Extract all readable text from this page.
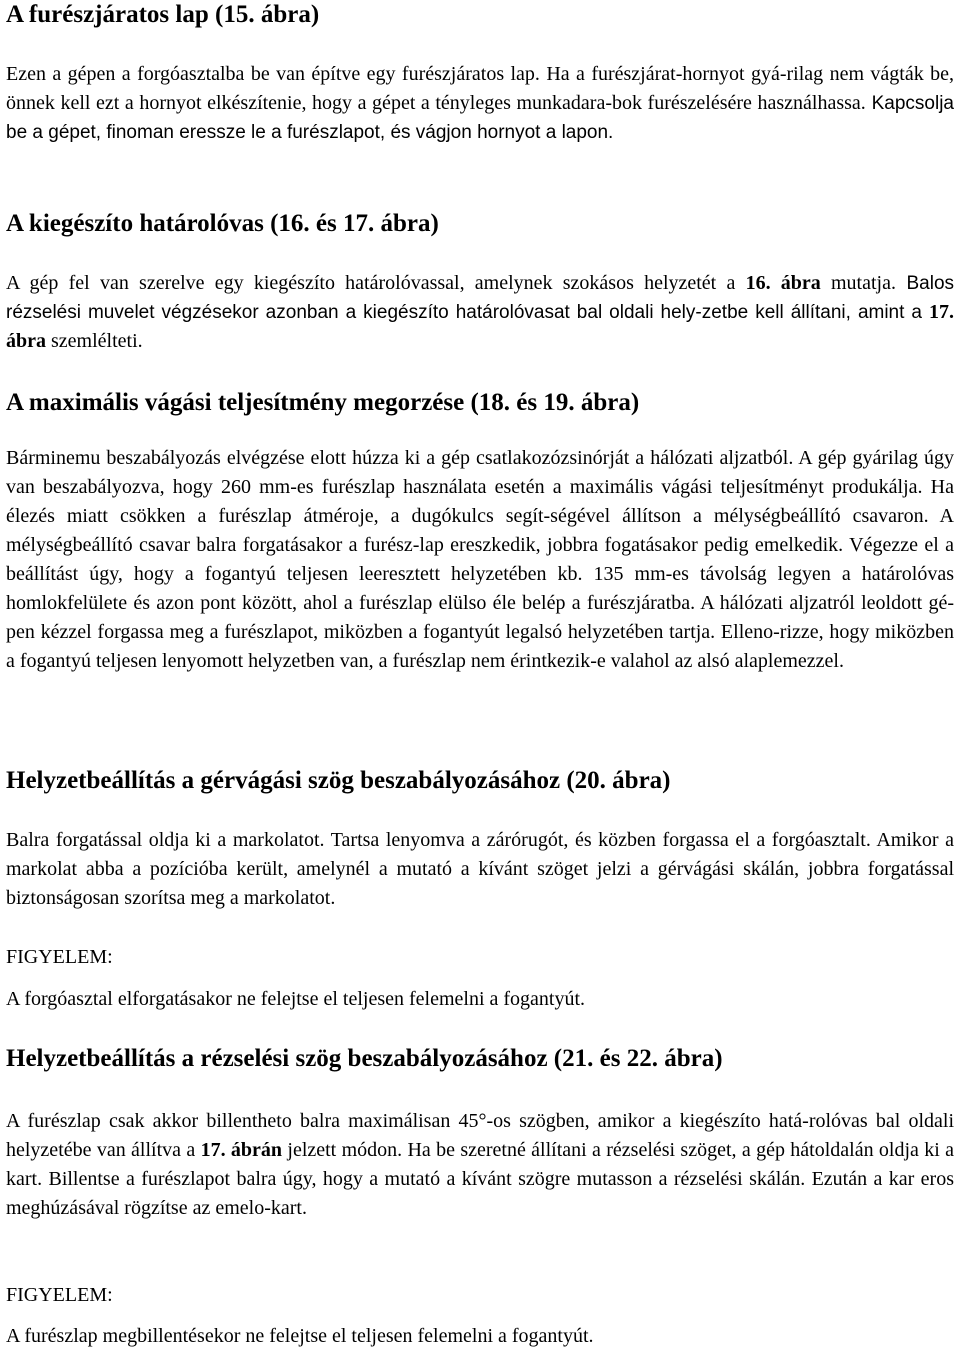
A furészjáratos lap (15. ábra)

Ezen a gépen a forgóasztalba be van építve egy furészjáratos lap. Ha a furészjárat-hornyot gyá-rilag nem vágták be, önnek kell ezt a hornyot elkészítenie, hogy a gépet a tényleges munkadara-bok furészelésére használhassa. Kapcsolja be a gépet, finoman eressze le a furészlapot, és vágjon hornyot a lapon.

A kiegészíto határolóvas (16. és 17. ábra)

A gép fel van szerelve egy kiegészíto határolóvassal, amelynek szokásos helyzetét a 16. ábra mutatja. Balos rézselési muvelet végzésekor azonban a kiegészíto határolóvasat bal oldali hely-zetbe kell állítani, amint a 17. ábra szemlélteti.

A maximális vágási teljesítmény megorzése (18. és 19. ábra)

Bárminemu beszabályozás elvégzése elott húzza ki a gép csatlakozózsinórját a hálózati aljzatból. A gép gyárilag úgy van beszabályozva, hogy 260 mm-es furészlap használata esetén a maximális vágási teljesítményt produkálja. Ha élezés miatt csökken a furészlap átméroje, a dugókulcs segít-ségével állítson a mélységbeállító csavaron. A mélységbeállító csavar balra forgatásakor a furész-lap ereszkedik, jobbra fogatásakor pedig emelkedik. Végezze el a beállítást úgy, hogy a fogantyú teljesen leeresztett helyzetében kb. 135 mm-es távolság legyen a határolóvas homlokfelülete és azon pont között, ahol a furészlap elülso éle belép a furészjáratba. A hálózati aljzatról leoldott gé-pen kézzel forgassa meg a furészlapot, miközben a fogantyút legalsó helyzetében tartja. Elleno-rizze, hogy miközben a fogantyú teljesen lenyomott helyzetben van, a furészlap nem érintkezik-e valahol az alsó alaplemezzel.

Helyzetbeállítás a gérvágási szög beszabályozásához (20. ábra)

Balra forgatással oldja ki a markolatot. Tartsa lenyomva a zárórugót, és közben forgassa el a forgóasztalt. Amikor a markolat abba a pozícióba került, amelynél a mutató a kívánt szöget jelzi a gérvágási skálán, jobbra forgatással biztonságosan szorítsa meg a markolatot.

FIGYELEM:

A forgóasztal elforgatásakor ne felejtse el teljesen felemelni a fogantyút.

Helyzetbeállítás a rézselési szög beszabályozásához (21. és 22. ábra)

A furészlap csak akkor billentheto balra maximálisan 45°-os szögben, amikor a kiegészíto hatá-rolóvas bal oldali helyzetébe van állítva a 17. ábrán jelzett módon. Ha be szeretné állítani a rézselési szöget, a gép hátoldalán oldja ki a kart. Billentse a furészlapot balra úgy, hogy a mutató a kívánt szögre mutasson a rézselési skálán. Ezután a kar eros meghúzásával rögzítse az emelo-kart.

FIGYELEM:

A furészlap megbillentésekor ne felejtse el teljesen felemelni a fogantyút.
